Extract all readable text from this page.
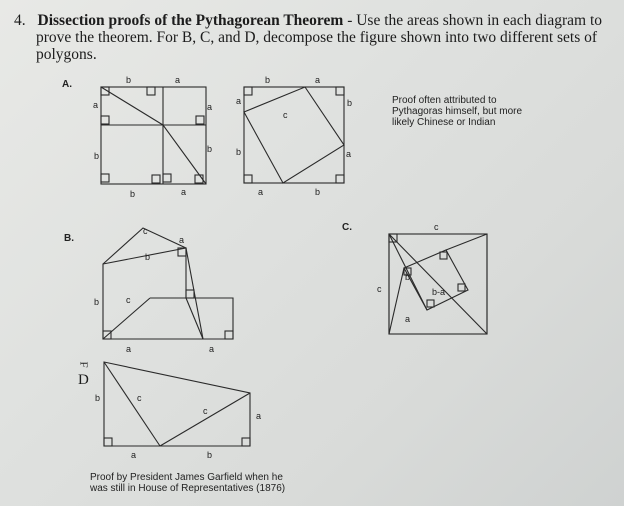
4. Dissection proofs of the Pythagorean Theorem - Use the areas shown in each diagram to
prove the theorem. For B, C, and D, decompose the figure shown into two different sets of
polygons.
A.
B.
C.
F
D
Proof often attributed to
Pythagoras himself, but more
likely Chinese or Indian
Proof by President James Garfield when he
was still in House of Representatives (1876)
b	a
a	a
b
b
b	a
b	a
a	b
c
b	a
a	b
c
a
b
b	c
a	a
b	c
c	a
a	b
c
c
b
b-a
a
